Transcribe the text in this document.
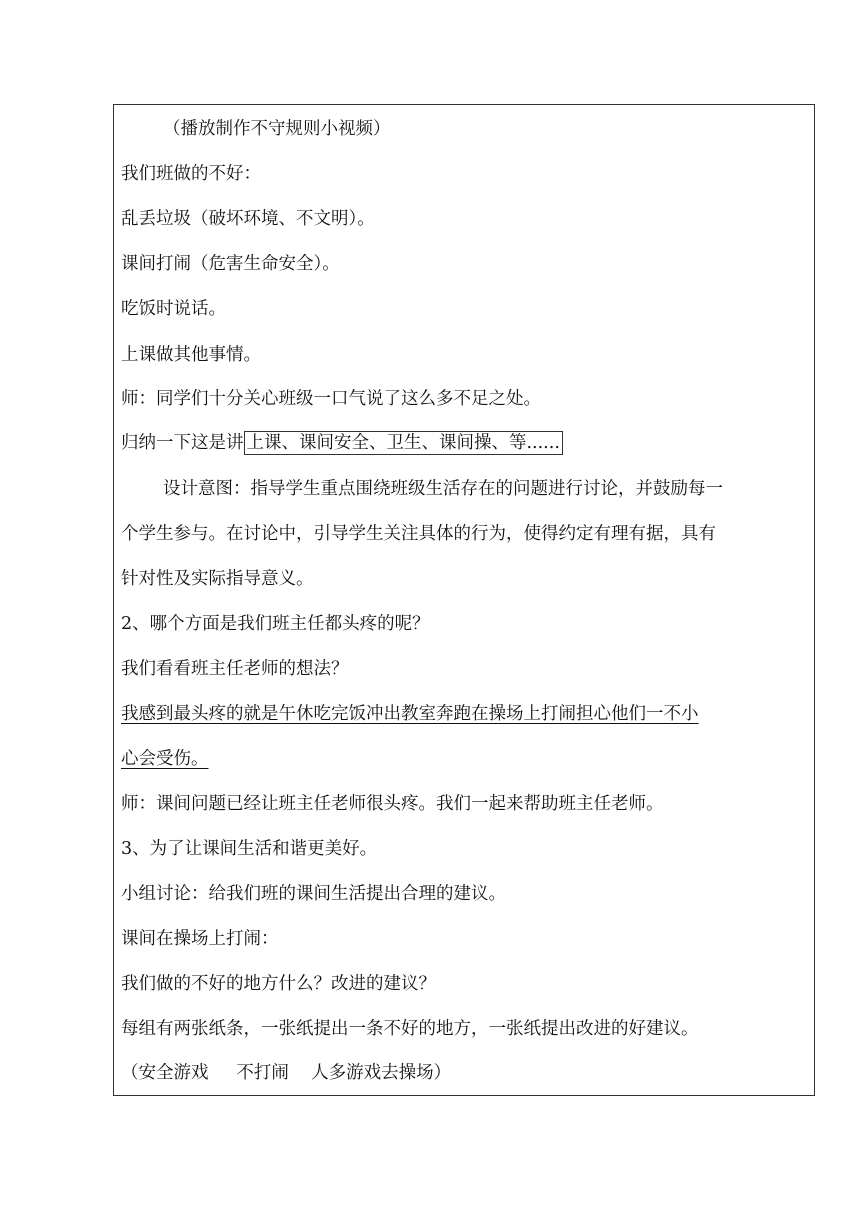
（播放制作不守规则小视频）
我们班做的不好：
乱丢垃圾（破坏环境、不文明）。
课间打闹（危害生命安全）。
吃饭时说话。
上课做其他事情。
师：同学们十分关心班级一口气说了这么多不足之处。
归纳一下这是讲 上课、课间安全、卫生、课间操、等......
设计意图：指导学生重点围绕班级生活存在的问题进行讨论，并鼓励每一
个学生参与。在讨论中，引导学生关注具体的行为，使得约定有理有据，具有
针对性及实际指导意义。
2、哪个方面是我们班主任都头疼的呢？
我们看看班主任老师的想法？
我感到最头疼的就是午休吃完饭冲出教室奔跑在操场上打闹担心他们一不小
心会受伤。
师：课间问题已经让班主任老师很头疼。我们一起来帮助班主任老师。
3、为了让课间生活和谐更美好。
小组讨论：给我们班的课间生活提出合理的建议。
课间在操场上打闹：
我们做的不好的地方什么？改进的建议？
每组有两张纸条，一张纸提出一条不好的地方，一张纸提出改进的好建议。
（安全游戏     不打闹    人多游戏去操场）
